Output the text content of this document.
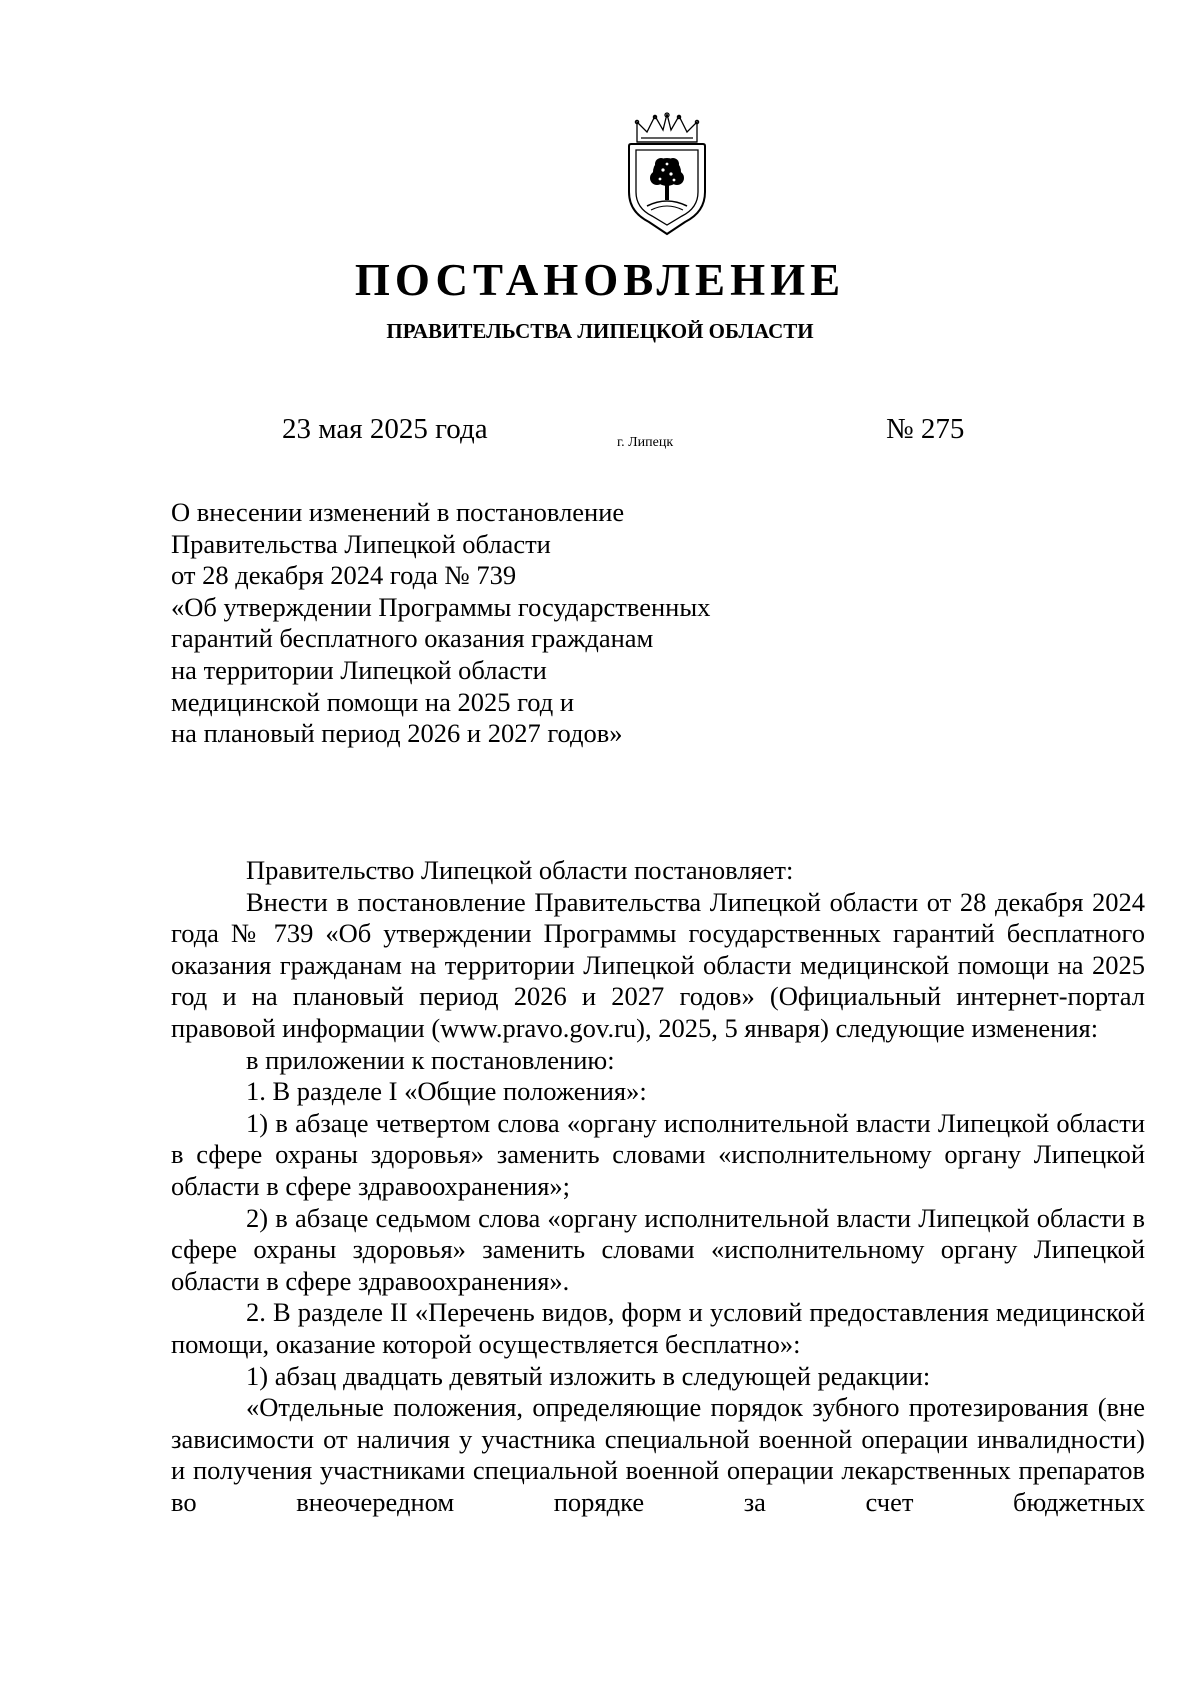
ПОСТАНОВЛЕНИЕ
ПРАВИТЕЛЬСТВА ЛИПЕЦКОЙ ОБЛАСТИ
23 мая 2025 года	г. Липецк	№ 275
О внесении изменений в постановление
Правительства Липецкой области
от 28 декабря 2024 года № 739
«Об утверждении Программы государственных
гарантий бесплатного оказания гражданам
на территории Липецкой области
медицинской помощи на 2025 год и
на плановый период 2026 и 2027 годов»

Правительство Липецкой области постановляет:

Внести в постановление Правительства Липецкой области от 28 декабря 2024 года № 739 «Об утверждении Программы государственных гарантий бесплатного оказания гражданам на территории Липецкой области медицинской помощи на 2025 год и на плановый период 2026 и 2027 годов» (Официальный интернет-портал правовой информации (www.pravo.gov.ru), 2025, 5 января) следующие изменения:

в приложении к постановлению:

1. В разделе I «Общие положения»:

1) в абзаце четвертом слова «органу исполнительной власти Липецкой области в сфере охраны здоровья» заменить словами «исполнительному органу Липецкой области в сфере здравоохранения»;

2) в абзаце седьмом слова «органу исполнительной власти Липецкой области в сфере охраны здоровья» заменить словами «исполнительному органу Липецкой области в сфере здравоохранения».

2. В разделе II «Перечень видов, форм и условий предоставления медицинской помощи, оказание которой осуществляется бесплатно»:

1) абзац двадцать девятый изложить в следующей редакции:

«Отдельные положения, определяющие порядок зубного протезирования (вне зависимости от наличия у участника специальной военной операции инвалидности) и получения участниками специальной военной операции лекарственных препаратов во внеочередном порядке за счет бюджетных
